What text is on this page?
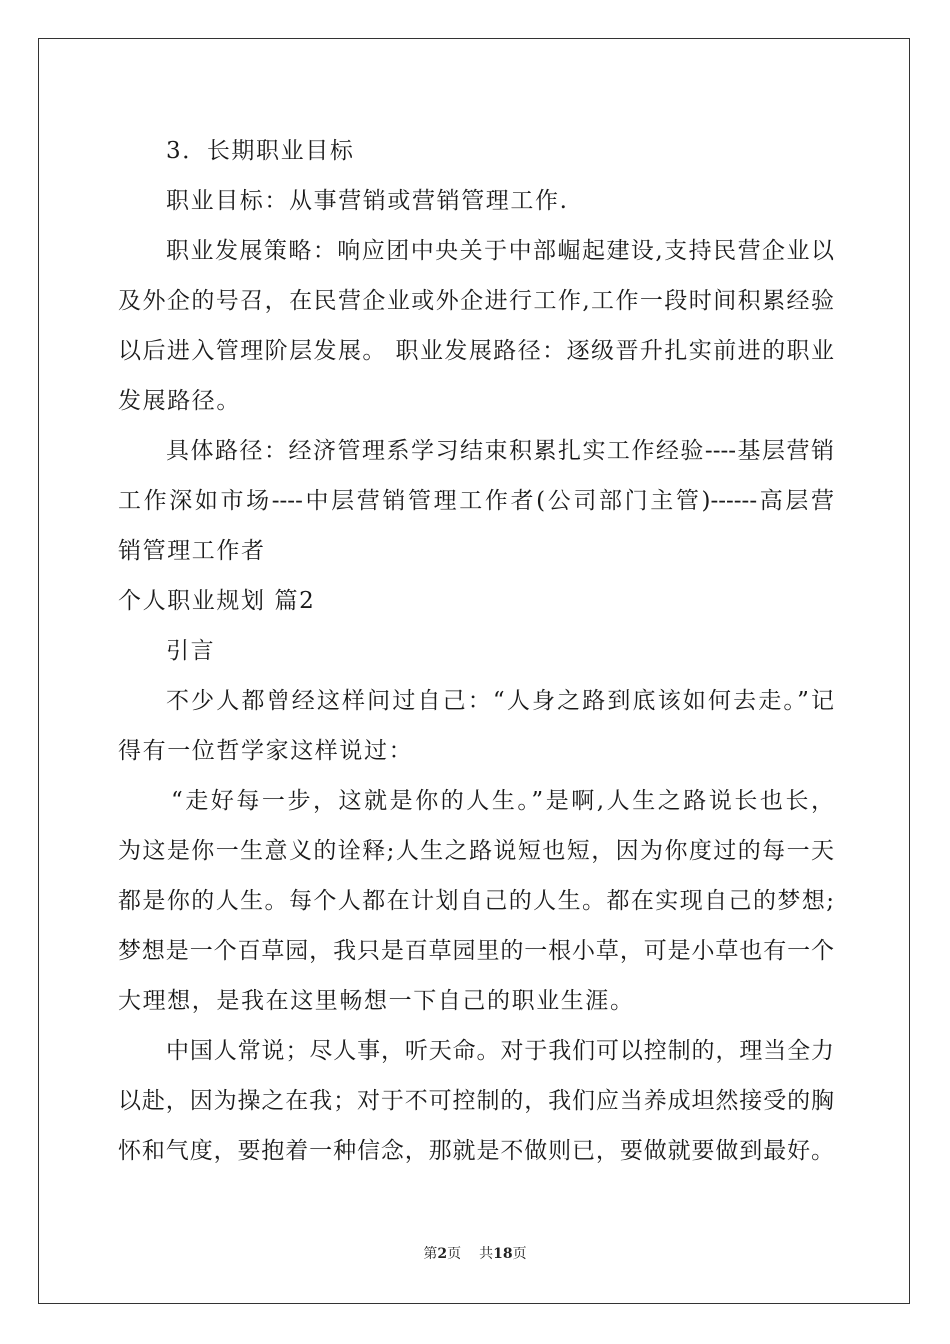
3．长期职业目标
职业目标：从事营销或营销管理工作.
职业发展策略：响应团中央关于中部崛起建设,支持民营企业以
及外企的号召，在民营企业或外企进行工作,工作一段时间积累经验
以后进入管理阶层发展。 职业发展路径：逐级晋升扎实前进的职业
发展路径。
具体路径：经济管理系学习结束积累扎实工作经验----基层营销
工作深如市场----中层营销管理工作者(公司部门主管)------高层营
销管理工作者
个人职业规划 篇2
引言
不少人都曾经这样问过自己：“人身之路到底该如何去走。”记
得有一位哲学家这样说过：
“走好每一步，这就是你的人生。”是啊,人生之路说长也长，
为这是你一生意义的诠释;人生之路说短也短，因为你度过的每一天
都是你的人生。每个人都在计划自己的人生。都在实现自己的梦想;
梦想是一个百草园，我只是百草园里的一根小草，可是小草也有一个
大理想，是我在这里畅想一下自己的职业生涯。
中国人常说；尽人事，听天命。对于我们可以控制的，理当全力
以赴，因为操之在我；对于不可控制的，我们应当养成坦然接受的胸
怀和气度，要抱着一种信念，那就是不做则已，要做就要做到最好。
第2页 共18页
